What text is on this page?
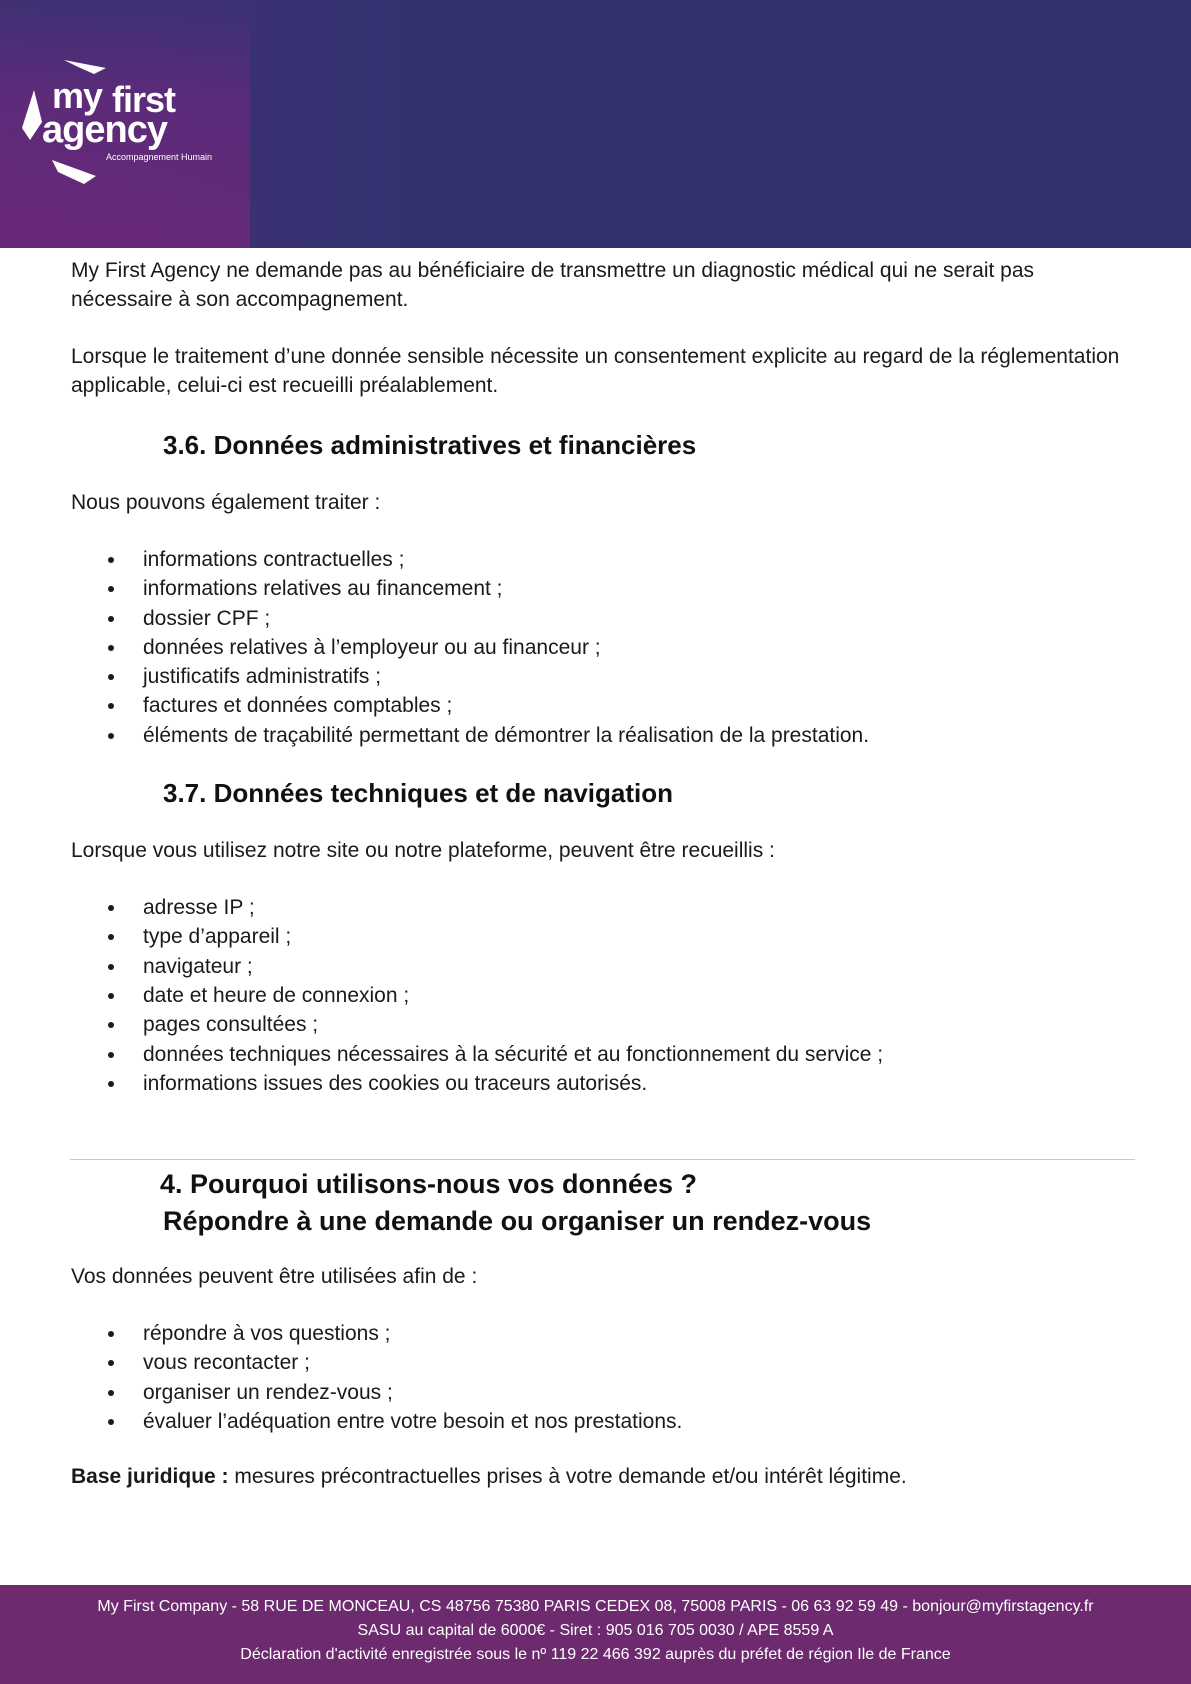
my first
agency
Accompagnement Humain

My First Agency ne demande pas au bénéficiaire de transmettre un diagnostic médical qui ne serait pas nécessaire à son accompagnement.

Lorsque le traitement d’une donnée sensible nécessite un consentement explicite au regard de la réglementation applicable, celui-ci est recueilli préalablement.

3.6. Données administratives et financières

Nous pouvons également traiter :

informations contractuelles ;
informations relatives au financement ;
dossier CPF ;
données relatives à l’employeur ou au financeur ;
justificatifs administratifs ;
factures et données comptables ;
éléments de traçabilité permettant de démontrer la réalisation de la prestation.
3.7. Données techniques et de navigation

Lorsque vous utilisez notre site ou notre plateforme, peuvent être recueillis :

adresse IP ;
type d’appareil ;
navigateur ;
date et heure de connexion ;
pages consultées ;
données techniques nécessaires à la sécurité et au fonctionnement du service ;
informations issues des cookies ou traceurs autorisés.
4. Pourquoi utilisons-nous vos données ?
Répondre à une demande ou organiser un rendez-vous

Vos données peuvent être utilisées afin de :

répondre à vos questions ;
vous recontacter ;
organiser un rendez-vous ;
évaluer l’adéquation entre votre besoin et nos prestations.

Base juridique : mesures précontractuelles prises à votre demande et/ou intérêt légitime.

My First Company - 58 RUE DE MONCEAU, CS 48756 75380 PARIS CEDEX 08, 75008 PARIS - 06 63 92 59 49 - bonjour@myfirstagency.fr
SASU au capital de 6000€ - Siret : 905 016 705 0030 / APE 8559 A
Déclaration d'activité enregistrée sous le nº 119 22 466 392 auprès du préfet de région Ile de France
